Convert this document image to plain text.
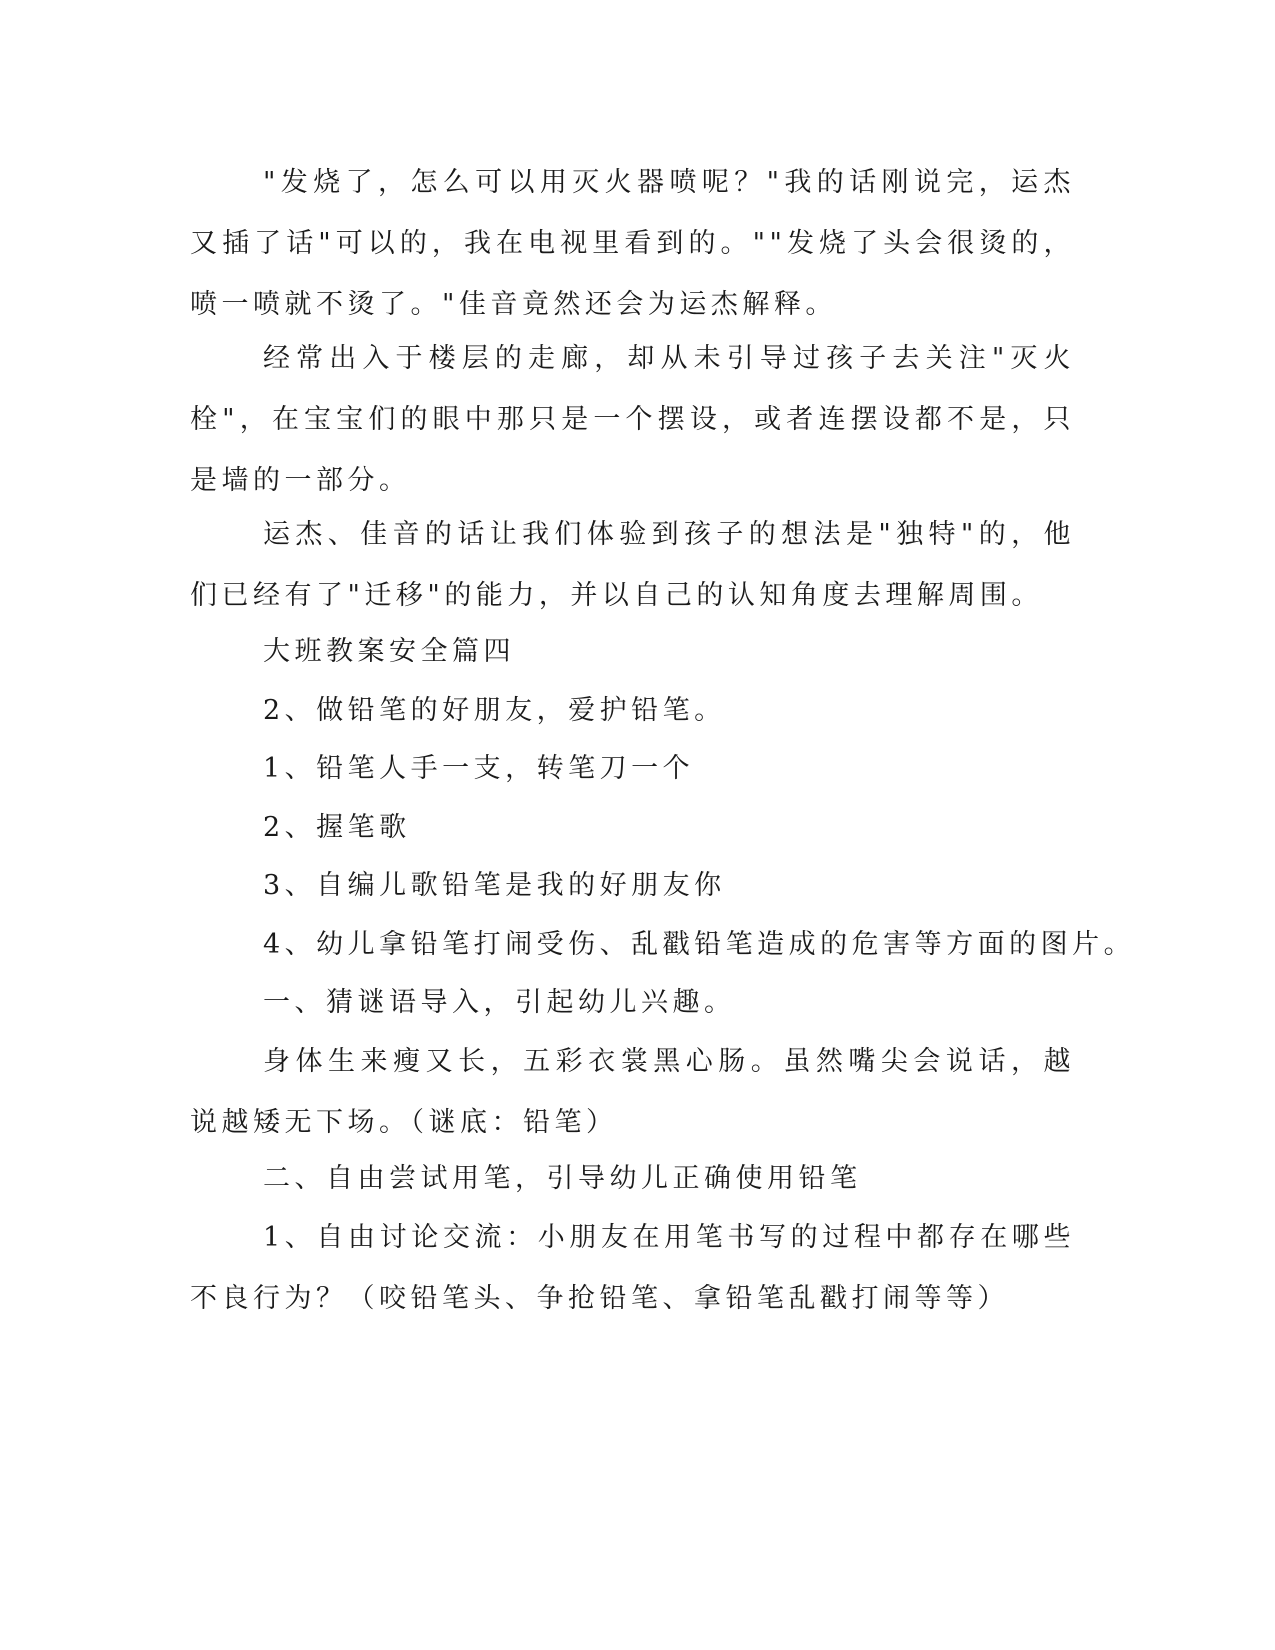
"发烧了，怎么可以用灭火器喷呢？"我的话刚说完，运杰又插了话"可以的，我在电视里看到的。""发烧了头会很烫的，喷一喷就不烫了。"佳音竟然还会为运杰解释。

经常出入于楼层的走廊，却从未引导过孩子去关注"灭火栓"，在宝宝们的眼中那只是一个摆设，或者连摆设都不是，只是墙的一部分。

运杰、佳音的话让我们体验到孩子的想法是"独特"的，他们已经有了"迁移"的能力，并以自己的认知角度去理解周围。

大班教案安全篇四

2、做铅笔的好朋友，爱护铅笔。

1、铅笔人手一支，转笔刀一个

2、握笔歌

3、自编儿歌铅笔是我的好朋友你

4、幼儿拿铅笔打闹受伤、乱戳铅笔造成的危害等方面的图片。

一、猜谜语导入，引起幼儿兴趣。

身体生来瘦又长，五彩衣裳黑心肠。虽然嘴尖会说话，越说越矮无下场。（谜底：铅笔）

二、自由尝试用笔，引导幼儿正确使用铅笔

1、自由讨论交流：小朋友在用笔书写的过程中都存在哪些不良行为？（咬铅笔头、争抢铅笔、拿铅笔乱戳打闹等等）
